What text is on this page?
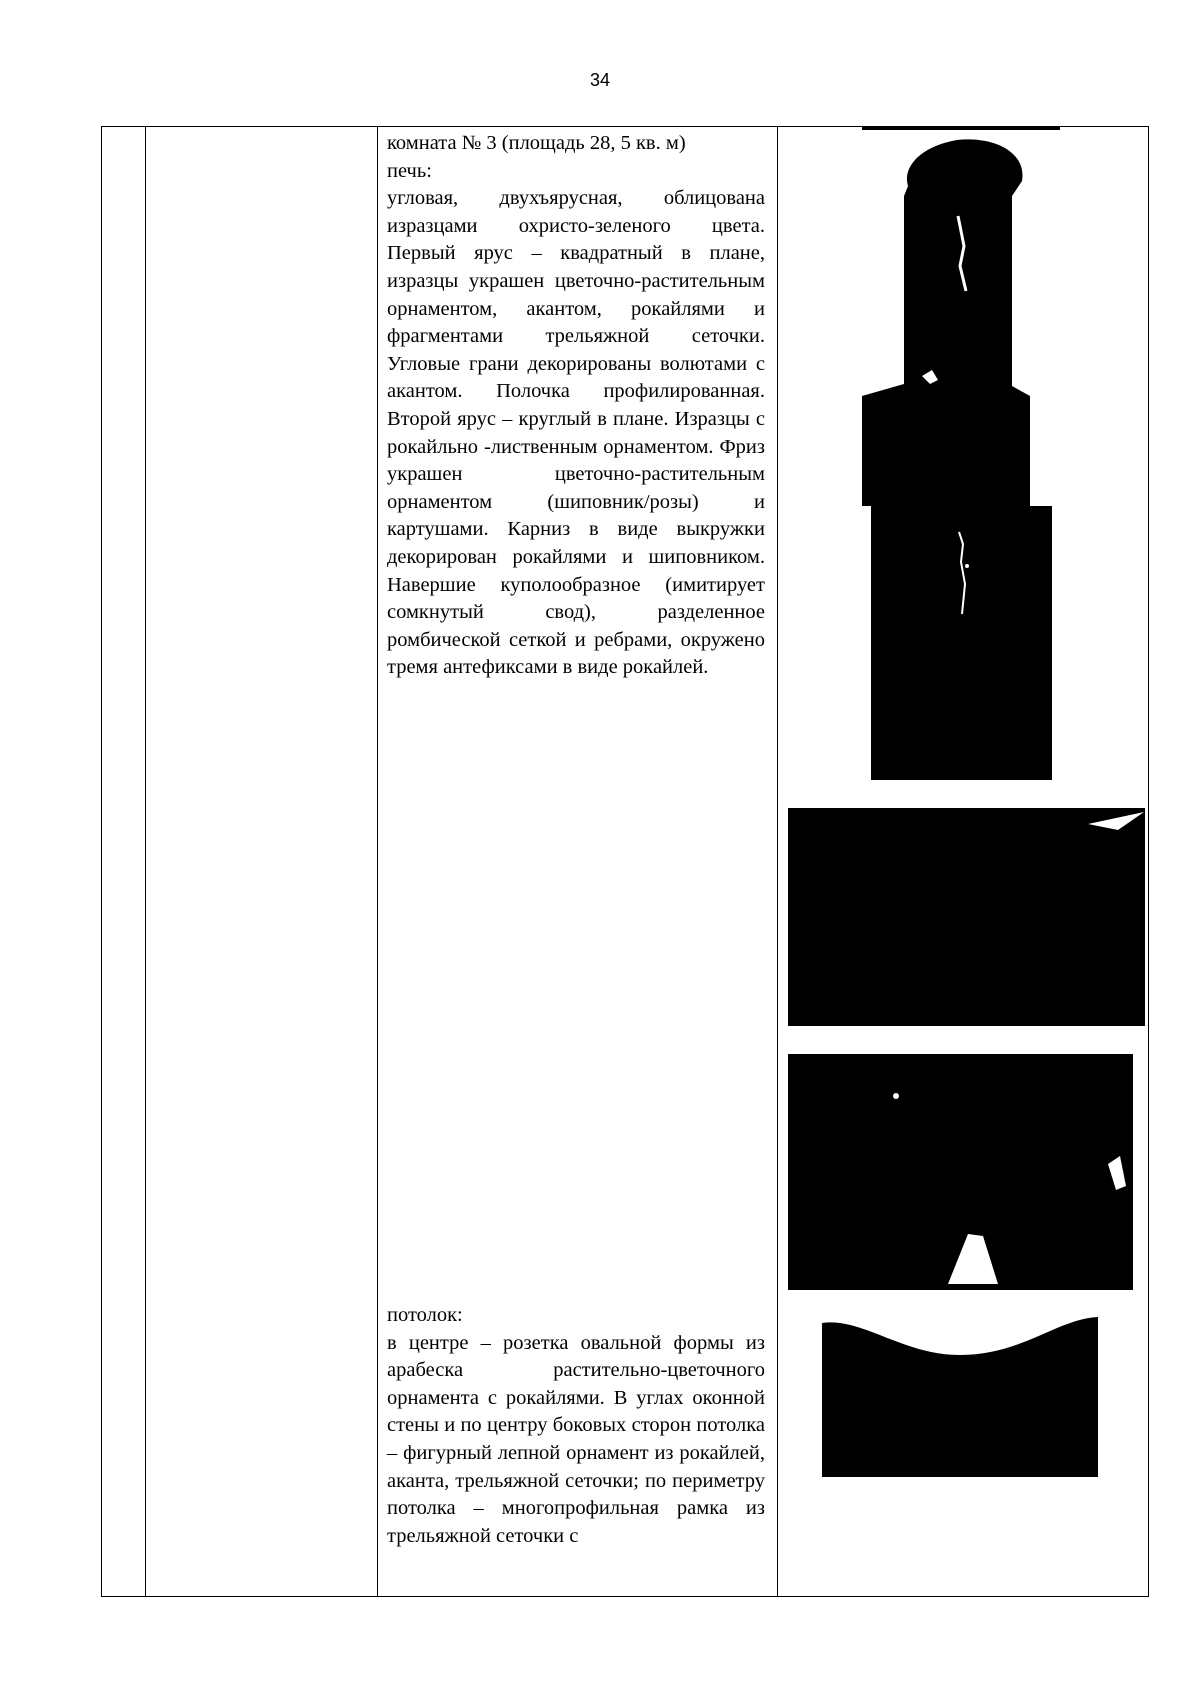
34

комната № 3 (площадь 28, 5 кв. м)

печь:

угловая, двухъярусная, облицована изразцами охристо-зеленого цвета. Первый ярус – квадратный в плане, изразцы украшен цветочно-растительным орнаментом, акантом, рокайлями и фрагментами трельяжной сеточки. Угловые грани декорированы волютами с акантом. Полочка профилированная. Второй ярус – круглый в плане. Изразцы с рокайльно -лиственным орнаментом. Фриз украшен цветочно-растительным орнаментом (шиповник/розы) и картушами. Карниз в виде выкружки декорирован рокайлями и шиповником. Навершие куполообразное (имитирует сомкнутый свод), разделенное ромбической сеткой и ребрами, окружено тремя антефиксами в виде рокайлей.

потолок:

в центре – розетка овальной формы из арабеска растительно-цветочного орнамента с рокайлями. В углах оконной стены и по центру боковых сторон потолка – фигурный лепной орнамент из рокайлей, аканта, трельяжной сеточки; по периметру потолка – многопрофильная рамка из трельяжной сеточки с
